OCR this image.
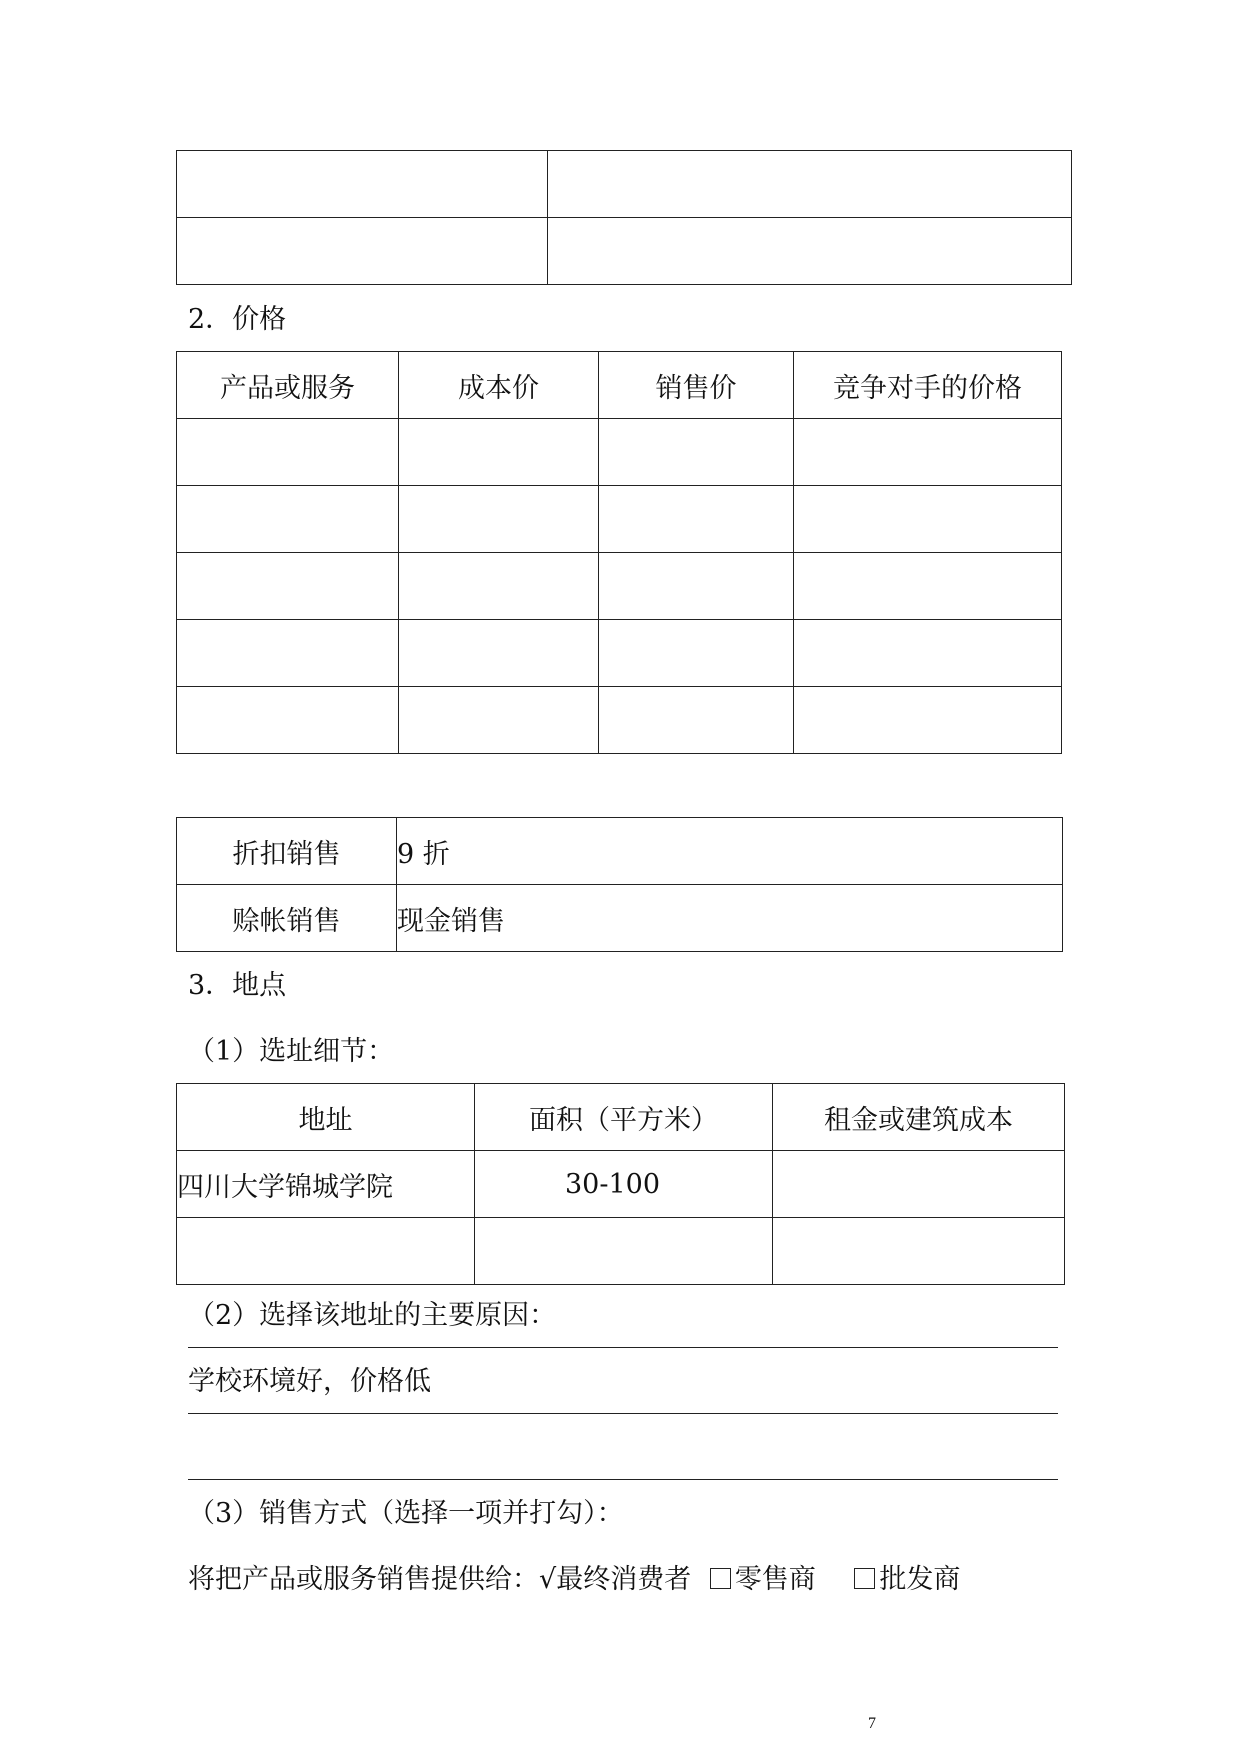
2．价格
产品或服务	成本价	销售价	竞争对手的价格

折扣销售	9 折
赊帐销售	现金销售
3．地点
（1）选址细节：
地址	面积（平方米）	租金或建筑成本
四川大学锦城学院	30-100	

（2）选择该地址的主要原因：
学校环境好，价格低
（3）销售方式（选择一项并打勾）：
将把产品或服务销售提供给：√最终消费者 零售商 批发商
7
